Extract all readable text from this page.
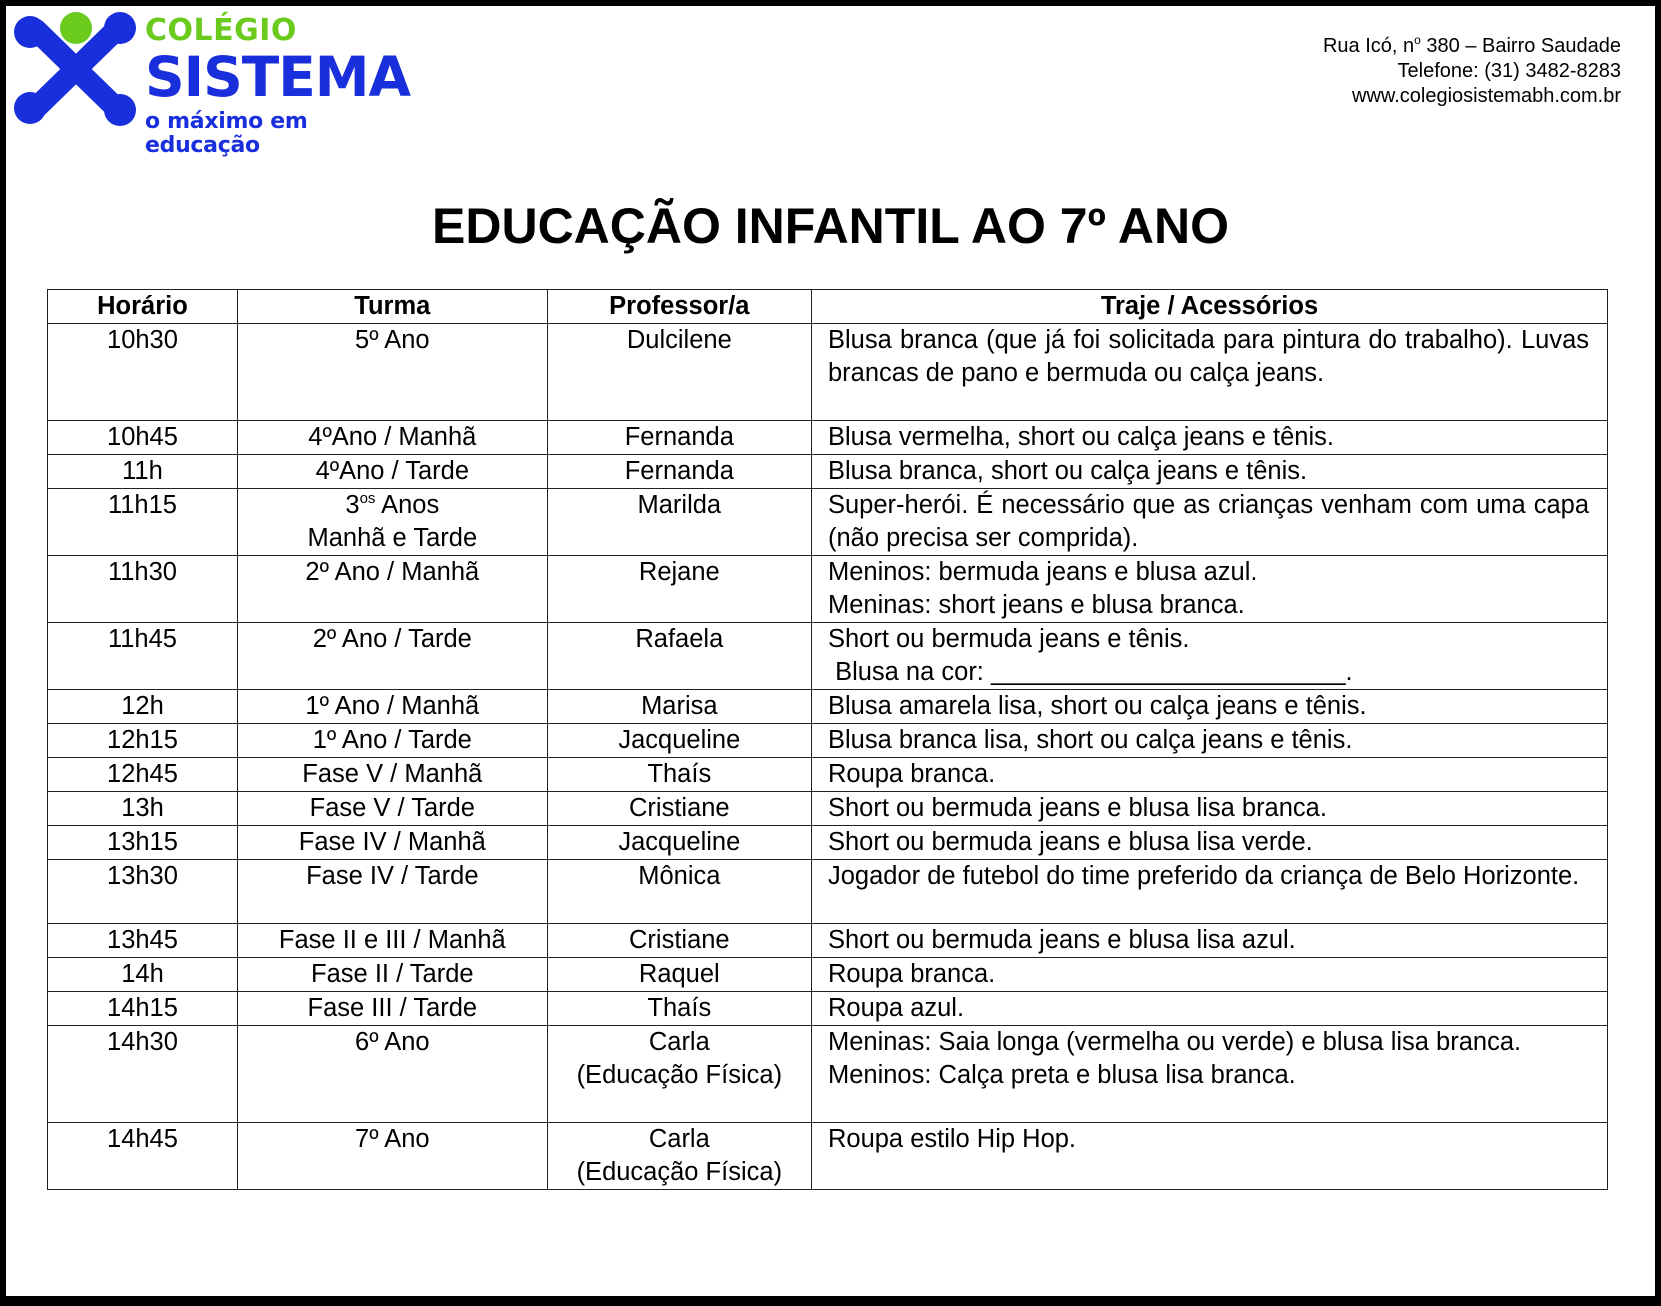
COLÉGIO
SISTEMA
o máximo em educação
Rua Icó, $n^o$ 380 – Bairro Saudade
Telefone: (31) 3482-8283
www.colegiosistemabh.com.br
EDUCAÇÃO INFANTIL AO 7º ANO
Horário	Turma	Professor/a	Traje / Acessórios
10h30	5º Ano	Dulcilene	Blusa branca (que já foi solicitada para pintura do trabalho). Luvas brancas de pano e bermuda ou calça jeans.

10h45	4ºAno / Manhã	Fernanda	Blusa vermelha, short ou calça jeans e tênis.

11h	4ºAno / Tarde	Fernanda	Blusa branca, short ou calça jeans e tênis.

11h15	$3^{os}$ Anos
Manhã e Tarde	Marilda	Super-herói. É necessário que as crianças venham com uma capa (não precisa ser comprida).

11h30	2º Ano / Manhã	Rejane	Meninos: bermuda jeans e blusa azul.
Meninas: short jeans e blusa branca.

11h45	2º Ano / Tarde	Rafaela	Short ou bermuda jeans e tênis.
Blusa na cor: _________________________.

12h	1º Ano / Manhã	Marisa	Blusa amarela lisa, short ou calça jeans e tênis.

12h15	1º Ano / Tarde	Jacqueline	Blusa branca lisa, short ou calça jeans e tênis.

12h45	Fase V / Manhã	Thaís	Roupa branca.

13h	Fase V / Tarde	Cristiane	Short ou bermuda jeans e blusa lisa branca.

13h15	Fase IV / Manhã	Jacqueline	Short ou bermuda jeans e blusa lisa verde.

13h30	Fase IV / Tarde	Mônica	Jogador de futebol do time preferido da criança de Belo Horizonte.

13h45	Fase II e III / Manhã	Cristiane	Short ou bermuda jeans e blusa lisa azul.

14h	Fase II / Tarde	Raquel	Roupa branca.

14h15	Fase III / Tarde	Thaís	Roupa azul.

14h30	6º Ano	Carla
(Educação Física)	Meninas: Saia longa (vermelha ou verde) e blusa lisa branca.
Meninos: Calça preta e blusa lisa branca.

14h45	7º Ano	Carla
(Educação Física)	Roupa estilo Hip Hop.
